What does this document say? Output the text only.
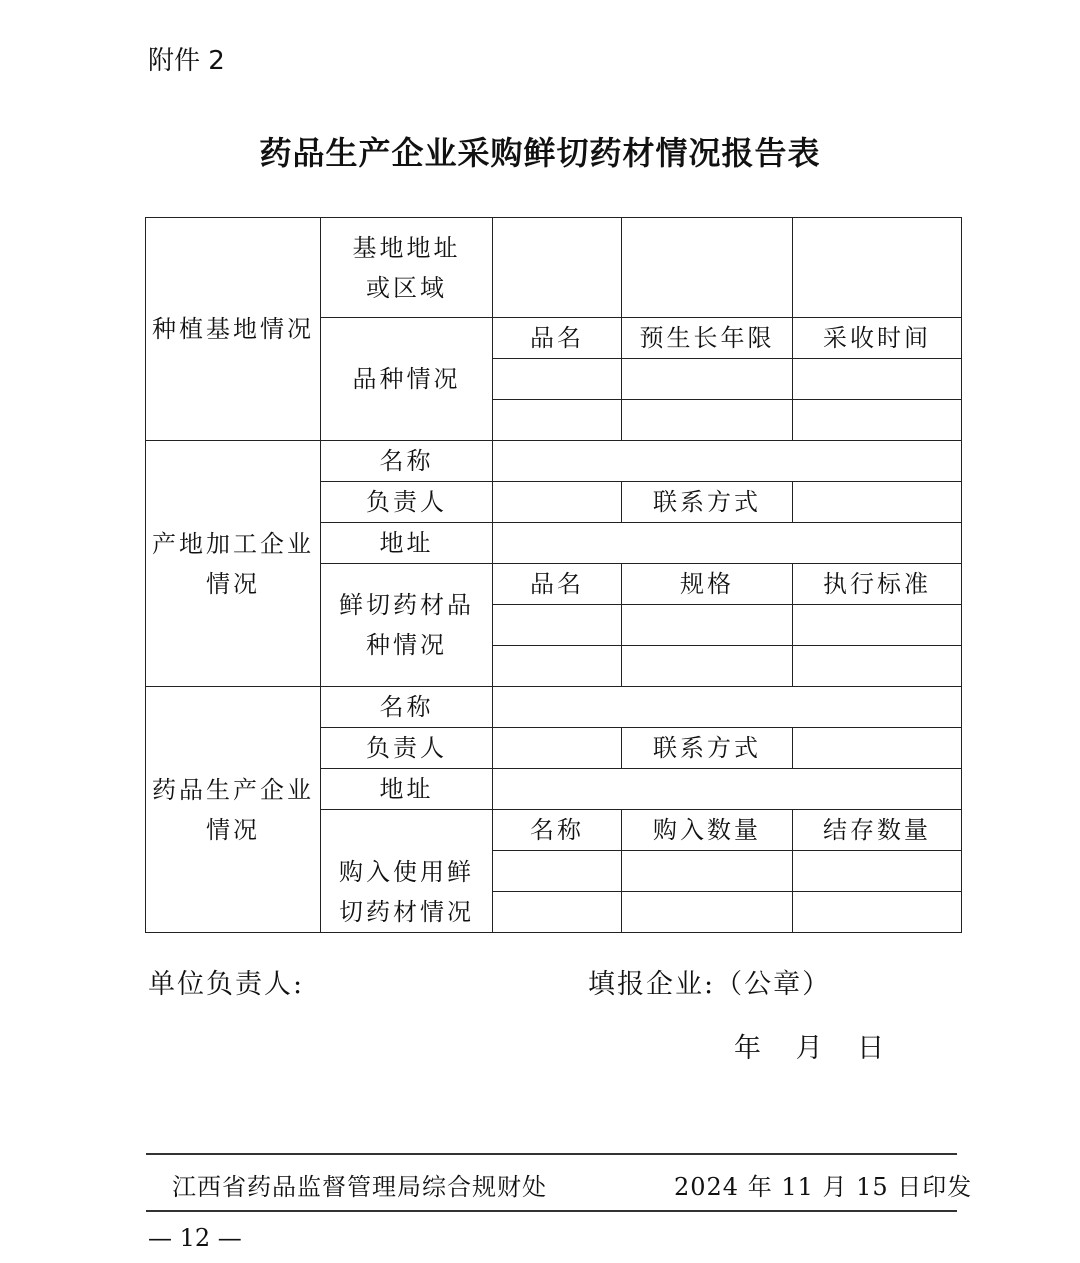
附件 2
药品生产企业采购鲜切药材情况报告表
种植基地情况	基地地址
或区域			
	品种情况	品名	预生长年限	采收时间

产地加工企业
情况	名称			
	负责人		联系方式	
	地址			
	鲜切药材品
种情况	品名	规格	执行标准

药品生产企业
情况	名称			
	负责人		联系方式	
	地址			
	购入使用鲜
切药材情况	名称	购入数量	结存数量

单位负责人:	填报企业:（公章）
年 月 日
江西省药品监督管理局综合规财处	2024 年 11 月 15 日印发
— 12 —
